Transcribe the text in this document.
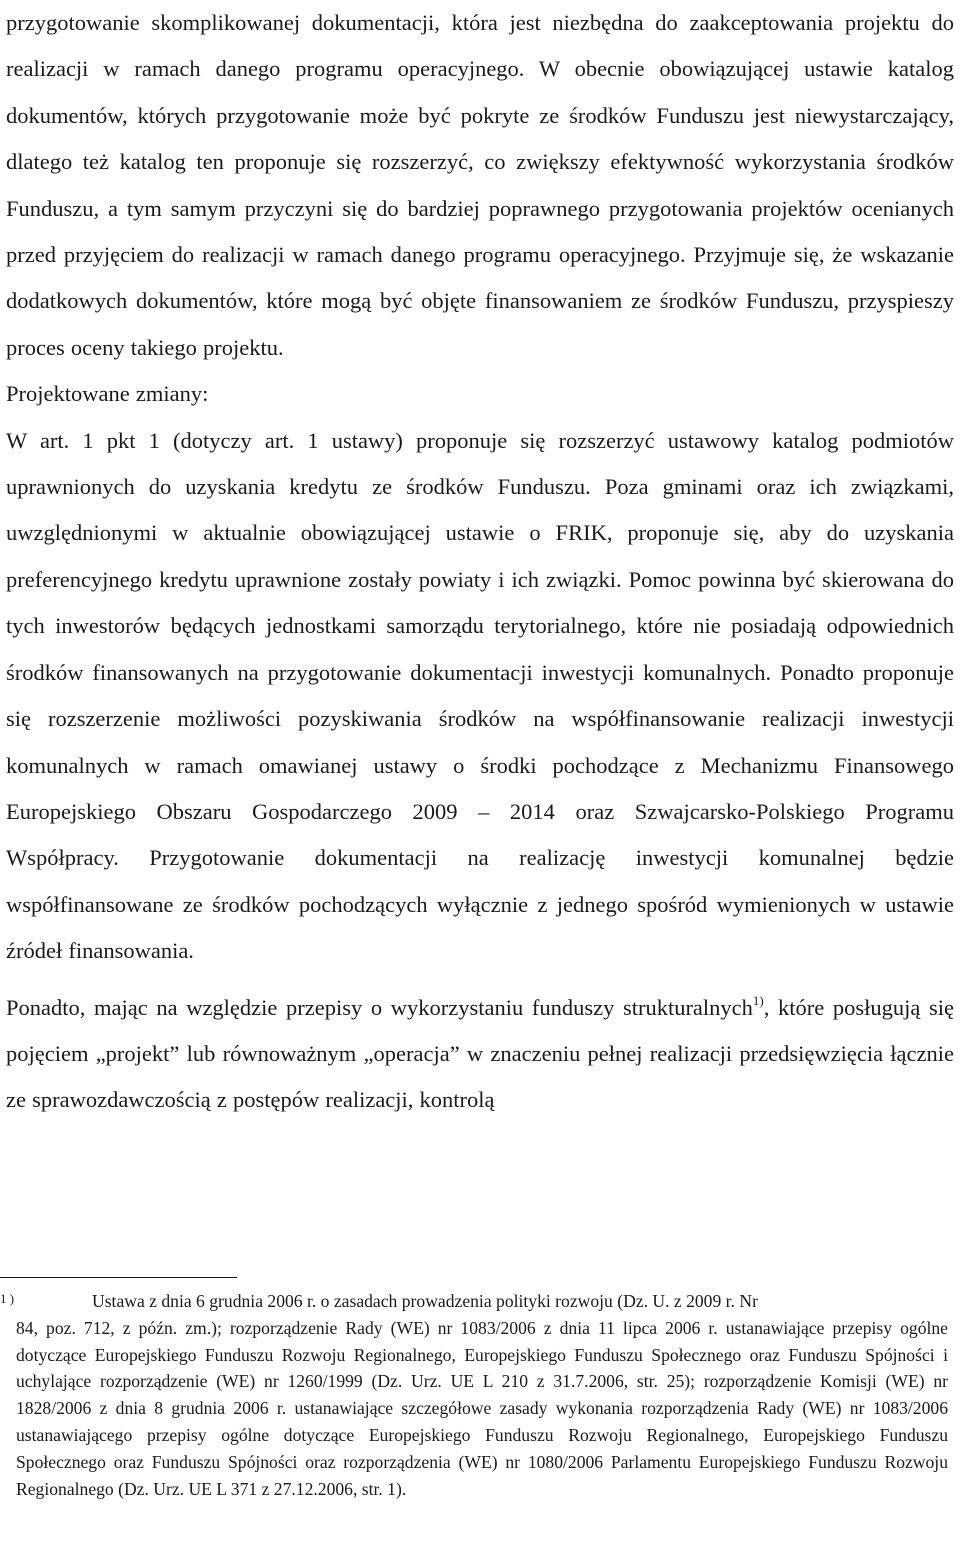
przygotowanie skomplikowanej dokumentacji, która jest niezbędna do zaakceptowania projektu do realizacji w ramach danego programu operacyjnego. W obecnie obowiązującej ustawie katalog dokumentów, których przygotowanie może być pokryte ze środków Funduszu jest niewystarczający, dlatego też katalog ten proponuje się rozszerzyć, co zwiększy efektywność wykorzystania środków Funduszu, a tym samym przyczyni się do bardziej poprawnego przygotowania projektów ocenianych przed przyjęciem do realizacji w ramach danego programu operacyjnego. Przyjmuje się, że wskazanie dodatkowych dokumentów, które mogą być objęte finansowaniem ze środków Funduszu, przyspieszy proces oceny takiego projektu.

Projektowane zmiany:

W art. 1 pkt 1 (dotyczy art. 1 ustawy) proponuje się rozszerzyć ustawowy katalog podmiotów uprawnionych do uzyskania kredytu ze środków Funduszu. Poza gminami oraz ich związkami, uwzględnionymi w aktualnie obowiązującej ustawie o FRIK, proponuje się, aby do uzyskania preferencyjnego kredytu uprawnione zostały powiaty i ich związki. Pomoc powinna być skierowana do tych inwestorów będących jednostkami samorządu terytorialnego, które nie posiadają odpowiednich środków finansowanych na przygotowanie dokumentacji inwestycji komunalnych. Ponadto proponuje się rozszerzenie możliwości pozyskiwania środków na współfinansowanie realizacji inwestycji komunalnych w ramach omawianej ustawy o środki pochodzące z Mechanizmu Finansowego Europejskiego Obszaru Gospodarczego 2009 – 2014 oraz Szwajcarsko-Polskiego Programu Współpracy. Przygotowanie dokumentacji na realizację inwestycji komunalnej będzie współfinansowane ze środków pochodzących wyłącznie z jednego spośród wymienionych w ustawie źródeł finansowania.

Ponadto, mając na względzie przepisy o wykorzystaniu funduszy strukturalnych$^{1)}$, które posługują się pojęciem „projekt” lub równoważnym „operacja” w znaczeniu pełnej realizacji przedsięwzięcia łącznie ze sprawozdawczością z postępów realizacji, kontrolą

1 )	Ustawa z dnia 6 grudnia 2006 r. o zasadach prowadzenia polityki rozwoju (Dz. U. z 2009 r. Nr
84, poz. 712, z późn. zm.); rozporządzenie Rady (WE) nr 1083/2006 z dnia 11 lipca 2006 r. ustanawiające przepisy ogólne dotyczące Europejskiego Funduszu Rozwoju Regionalnego, Europejskiego Funduszu Społecznego oraz Funduszu Spójności i uchylające rozporządzenie (WE) nr 1260/1999 (Dz. Urz. UE L 210 z 31.7.2006, str. 25); rozporządzenie Komisji (WE) nr 1828/2006 z dnia 8 grudnia 2006 r. ustanawiające szczegółowe zasady wykonania rozporządzenia Rady (WE) nr 1083/2006 ustanawiającego przepisy ogólne dotyczące Europejskiego Funduszu Rozwoju Regionalnego, Europejskiego Funduszu Społecznego oraz Funduszu Spójności oraz rozporządzenia (WE) nr 1080/2006 Parlamentu Europejskiego Funduszu Rozwoju Regionalnego (Dz. Urz. UE L 371 z 27.12.2006, str. 1).
